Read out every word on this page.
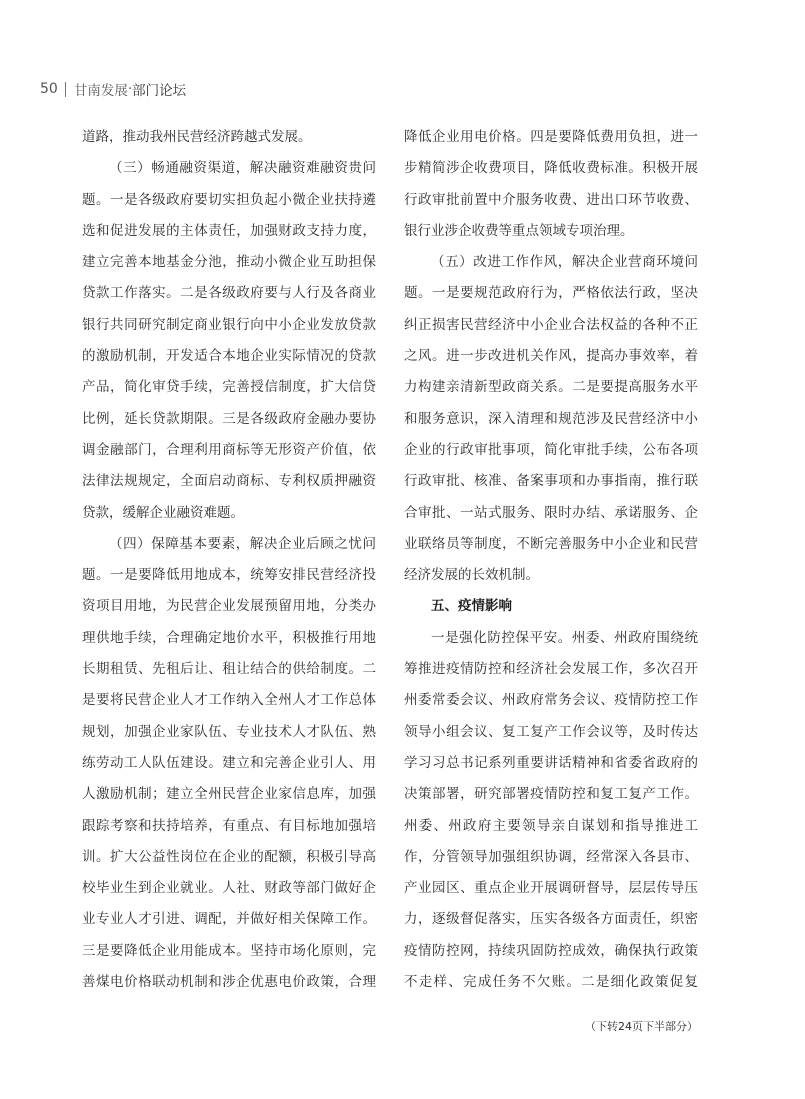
50 甘南发展 · 部门论坛
道路，推动我州民营经济跨越式发展。
（三）畅通融资渠道，解决融资难融资贵问
题。一是各级政府要切实担负起小微企业扶持遴
选和促进发展的主体责任，加强财政支持力度，
建立完善本地基金分池，推动小微企业互助担保
贷款工作落实。二是各级政府要与人行及各商业
银行共同研究制定商业银行向中小企业发放贷款
的激励机制，开发适合本地企业实际情况的贷款
产品，简化审贷手续，完善授信制度，扩大信贷
比例，延长贷款期限。三是各级政府金融办要协
调金融部门，合理利用商标等无形资产价值，依
法律法规规定，全面启动商标、专利权质押融资
贷款，缓解企业融资难题。
（四）保障基本要素，解决企业后顾之忧问
题。一是要降低用地成本，统筹安排民营经济投
资项目用地，为民营企业发展预留用地，分类办
理供地手续，合理确定地价水平，积极推行用地
长期租赁、先租后让、租让结合的供给制度。二
是要将民营企业人才工作纳入全州人才工作总体
规划，加强企业家队伍、专业技术人才队伍、熟
练劳动工人队伍建设。建立和完善企业引人、用
人激励机制；建立全州民营企业家信息库，加强
跟踪考察和扶持培养，有重点、有目标地加强培
训。扩大公益性岗位在企业的配额，积极引导高
校毕业生到企业就业。人社、财政等部门做好企
业专业人才引进、调配，并做好相关保障工作。
三是要降低企业用能成本。坚持市场化原则，完
善煤电价格联动机制和涉企优惠电价政策，合理
降低企业用电价格。四是要降低费用负担，进一
步精简涉企收费项目，降低收费标准。积极开展
行政审批前置中介服务收费、进出口环节收费、
银行业涉企收费等重点领域专项治理。
（五）改进工作作风，解决企业营商环境问
题。一是要规范政府行为，严格依法行政，坚决
纠正损害民营经济中小企业合法权益的各种不正
之风。进一步改进机关作风，提高办事效率，着
力构建亲清新型政商关系。二是要提高服务水平
和服务意识，深入清理和规范涉及民营经济中小
企业的行政审批事项，简化审批手续，公布各项
行政审批、核准、备案事项和办事指南，推行联
合审批、一站式服务、限时办结、承诺服务、企
业联络员等制度，不断完善服务中小企业和民营
经济发展的长效机制。
五、疫情影响
一是强化防控保平安。州委、州政府围绕统
筹推进疫情防控和经济社会发展工作，多次召开
州委常委会议、州政府常务会议、疫情防控工作
领导小组会议、复工复产工作会议等，及时传达
学习习总书记系列重要讲话精神和省委省政府的
决策部署，研究部署疫情防控和复工复产工作。
州委、州政府主要领导亲自谋划和指导推进工
作，分管领导加强组织协调，经常深入各县市、
产业园区、重点企业开展调研督导，层层传导压
力，逐级督促落实，压实各级各方面责任，织密
疫情防控网，持续巩固防控成效，确保执行政策
不走样、完成任务不欠账。二是细化政策促复
（下转24页下半部分）
